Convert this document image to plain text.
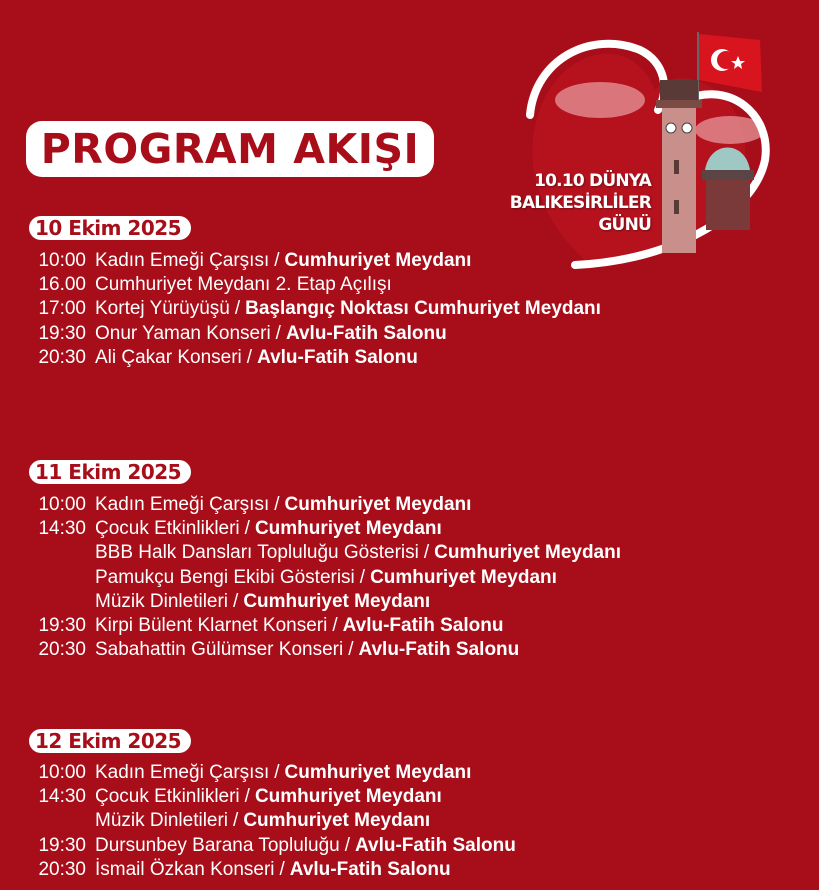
PROGRAM AKIŞI
10.10 DÜNYA
BALIKESİRLİLER
GÜNÜ
10 Ekim 2025
10:00 Kadın Emeği Çarşısı / Cumhuriyet Meydanı
16.00 Cumhuriyet Meydanı 2. Etap Açılışı
17:00 Kortej Yürüyüşü / Başlangıç Noktası Cumhuriyet Meydanı
19:30 Onur Yaman Konseri / Avlu-Fatih Salonu
20:30 Ali Çakar Konseri / Avlu-Fatih Salonu
11 Ekim 2025
10:00 Kadın Emeği Çarşısı / Cumhuriyet Meydanı
14:30 Çocuk Etkinlikleri / Cumhuriyet Meydanı
BBB Halk Dansları Topluluğu Gösterisi / Cumhuriyet Meydanı
Pamukçu Bengi Ekibi Gösterisi / Cumhuriyet Meydanı
Müzik Dinletileri / Cumhuriyet Meydanı
19:30 Kirpi Bülent Klarnet Konseri / Avlu-Fatih Salonu
20:30 Sabahattin Gülümser Konseri / Avlu-Fatih Salonu
12 Ekim 2025
10:00 Kadın Emeği Çarşısı / Cumhuriyet Meydanı
14:30 Çocuk Etkinlikleri / Cumhuriyet Meydanı
Müzik Dinletileri / Cumhuriyet Meydanı
19:30 Dursunbey Barana Topluluğu / Avlu-Fatih Salonu
20:30 İsmail Özkan Konseri / Avlu-Fatih Salonu
